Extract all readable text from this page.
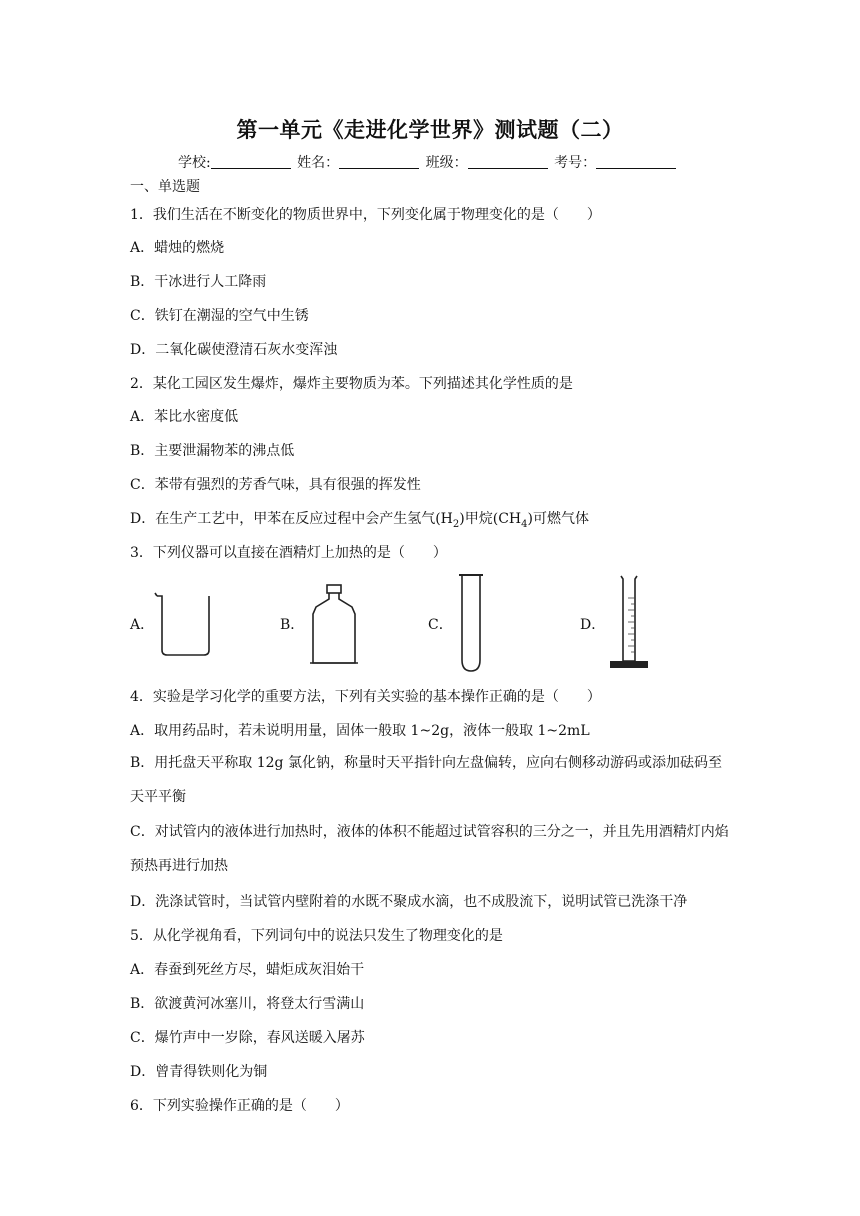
第一单元《走进化学世界》测试题（二）
学校:	姓名：	班级：	考号：
一、单选题
1．我们生活在不断变化的物质世界中，下列变化属于物理变化的是（　　）
A．蜡烛的燃烧
B．干冰进行人工降雨
C．铁钉在潮湿的空气中生锈
D．二氧化碳使澄清石灰水变浑浊
2．某化工园区发生爆炸，爆炸主要物质为苯。下列描述其化学性质的是
A．苯比水密度低
B．主要泄漏物苯的沸点低
C．苯带有强烈的芳香气味，具有很强的挥发性
D．在生产工艺中，甲苯在反应过程中会产生氢气$(H_2)$甲烷$(CH_4)$可燃气体
3．下列仪器可以直接在酒精灯上加热的是（　　）
A．	B．	C．	D．
4．实验是学习化学的重要方法，下列有关实验的基本操作正确的是（　　）
A．取用药品时，若未说明用量，固体一般取 1~2g，液体一般取 1~2mL
B．用托盘天平称取 12g 氯化钠，称量时天平指针向左盘偏转，应向右侧移动游码或添加砝码至天平平衡
C．对试管内的液体进行加热时，液体的体积不能超过试管容积的三分之一，并且先用酒精灯内焰预热再进行加热
D．洗涤试管时，当试管内壁附着的水既不聚成水滴，也不成股流下，说明试管已洗涤干净
5．从化学视角看，下列词句中的说法只发生了物理变化的是
A．春蚕到死丝方尽，蜡炬成灰泪始干
B．欲渡黄河冰塞川，将登太行雪满山
C．爆竹声中一岁除，春风送暖入屠苏
D．曾青得铁则化为铜
6．下列实验操作正确的是（　　）
